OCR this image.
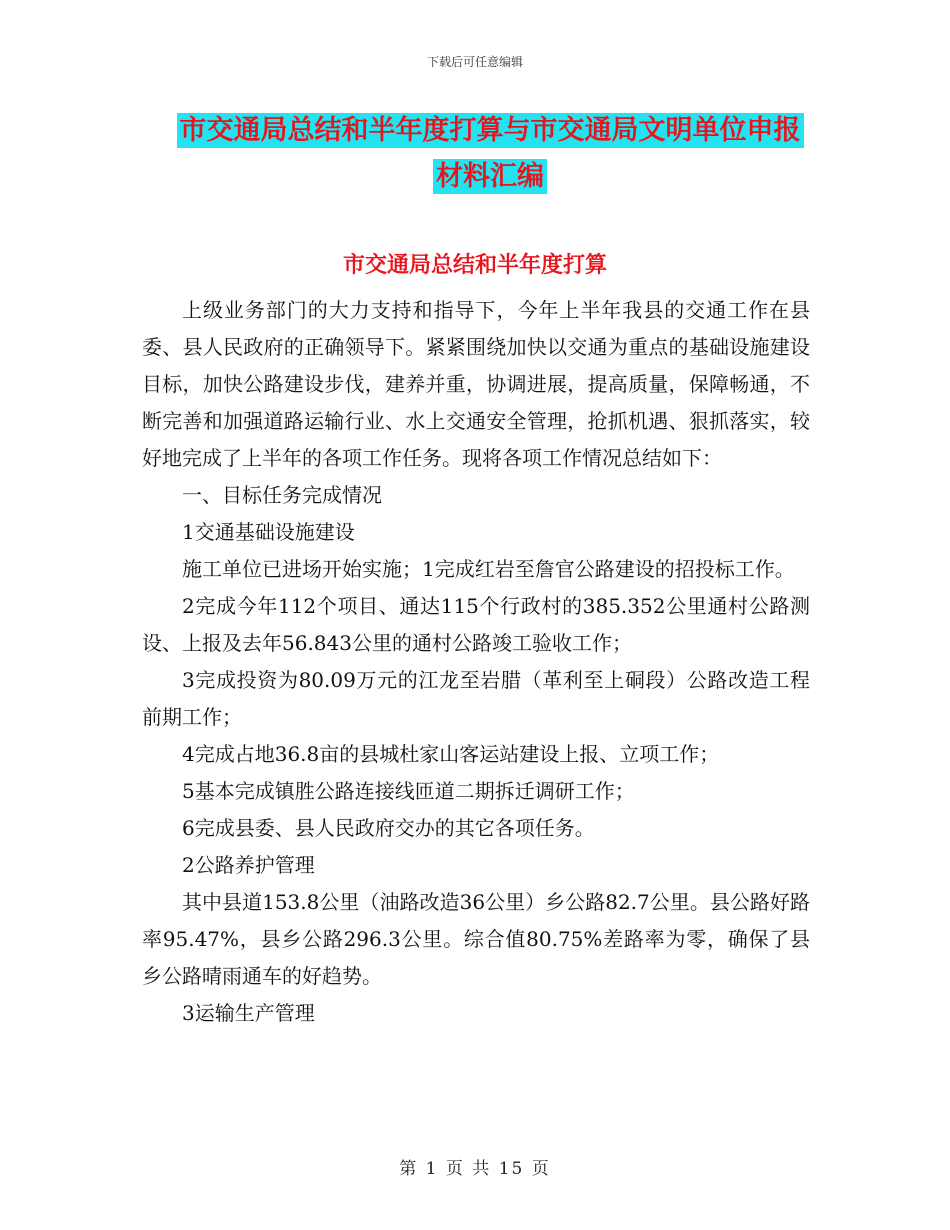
下载后可任意编辑
市交通局总结和半年度打算与市交通局文明单位申报
材料汇编
市交通局总结和半年度打算

上级业务部门的大力支持和指导下，今年上半年我县的交通工作在县委、县人民政府的正确领导下。紧紧围绕加快以交通为重点的基础设施建设目标，加快公路建设步伐，建养并重，协调进展，提高质量，保障畅通，不断完善和加强道路运输行业、水上交通安全管理，抢抓机遇、狠抓落实，较好地完成了上半年的各项工作任务。现将各项工作情况总结如下：

一、目标任务完成情况

1交通基础设施建设

施工单位已进场开始实施；1完成红岩至詹官公路建设的招投标工作。

2完成今年112个项目、通达115个行政村的385.352公里通村公路测设、上报及去年56.843公里的通村公路竣工验收工作；

3完成投资为80.09万元的江龙至岩腊（革利至上硐段）公路改造工程前期工作；

4完成占地36.8亩的县城杜家山客运站建设上报、立项工作；

5基本完成镇胜公路连接线匝道二期拆迁调研工作；

6完成县委、县人民政府交办的其它各项任务。

2公路养护管理

其中县道153.8公里（油路改造36公里）乡公路82.7公里。县公路好路率95.47%，县乡公路296.3公里。综合值80.75%差路率为零，确保了县乡公路晴雨通车的好趋势。

3运输生产管理

第 1 页 共 15 页
